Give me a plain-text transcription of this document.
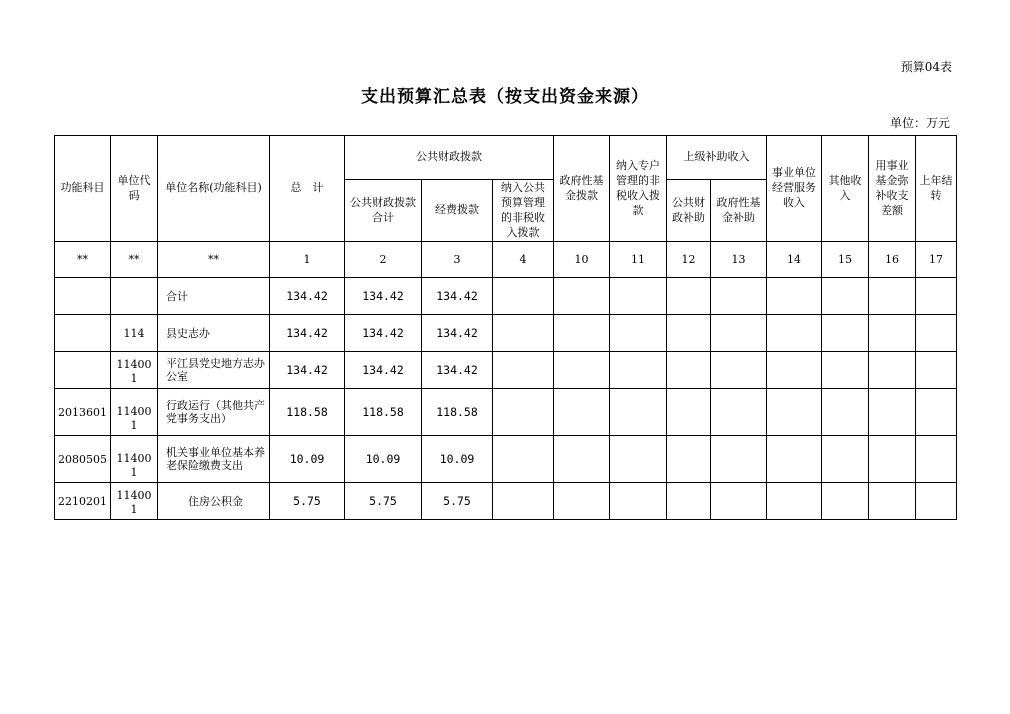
预算04表
支出预算汇总表（按支出资金来源）
单位：万元
功能科目	单位代码	单位名称(功能科目)	总　计	公共财政拨款			政府性基金拨款	纳入专户管理的非税收入拨款	上级补助收入		事业单位经营服务收入	其他收入	用事业基金弥补收支差额	上年结转
				公共财政拨款合计	经费拨款	纳入公共预算管理的非税收入拨款			公共财政补助	政府性基金补助				
**	**	**	1	2	3	4	10	11	12	13	14	15	16	17
		合计	134.42	134.42	134.42									
	114	县史志办	134.42	134.42	134.42									
	114001	平江县党史地方志办公室	134.42	134.42	134.42									
2013601	114001	行政运行（其他共产党事务支出）	118.58	118.58	118.58									
2080505	114001	机关事业单位基本养老保险缴费支出	10.09	10.09	10.09									
2210201	114001	住房公积金	5.75	5.75	5.75									
